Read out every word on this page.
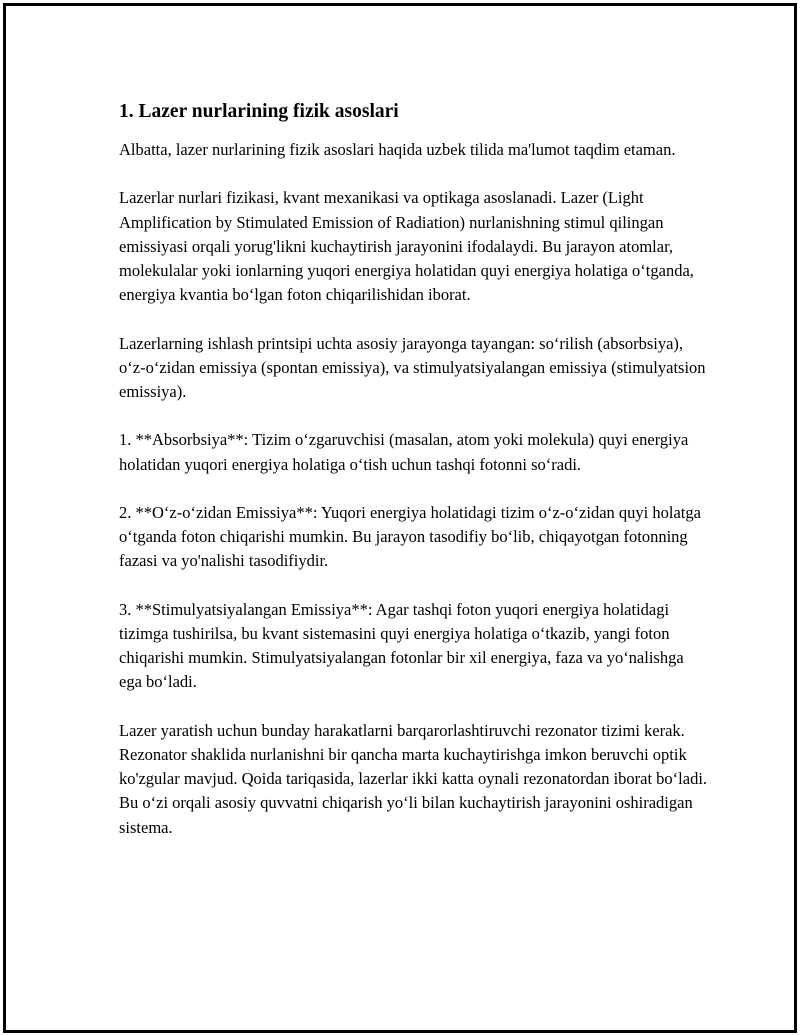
1. Lazer nurlarining fizik asoslari

Albatta, lazer nurlarining fizik asoslari haqida uzbek tilida ma'lumot taqdim etaman.

Lazerlar nurlari fizikasi, kvant mexanikasi va optikaga asoslanadi. Lazer (Light Amplification by Stimulated Emission of Radiation) nurlanishning stimul qilingan emissiyasi orqali yorug'likni kuchaytirish jarayonini ifodalaydi. Bu jarayon atomlar, molekulalar yoki ionlarning yuqori energiya holatidan quyi energiya holatiga o‘tganda, energiya kvantia bo‘lgan foton chiqarilishidan iborat.

Lazerlarning ishlash printsipi uchta asosiy jarayonga tayangan: so‘rilish (absorbsiya), o‘z-o‘zidan emissiya (spontan emissiya), va stimulyatsiyalangan emissiya (stimulyatsion emissiya).

1. **Absorbsiya**: Tizim o‘zgaruvchisi (masalan, atom yoki molekula) quyi energiya holatidan yuqori energiya holatiga o‘tish uchun tashqi fotonni so‘radi.

2. **O‘z-o‘zidan Emissiya**: Yuqori energiya holatidagi tizim o‘z-o‘zidan quyi holatga o‘tganda foton chiqarishi mumkin. Bu jarayon tasodifiy bo‘lib, chiqayotgan fotonning fazasi va yo'nalishi tasodifiydir.

3. **Stimulyatsiyalangan Emissiya**: Agar tashqi foton yuqori energiya holatidagi tizimga tushirilsa, bu kvant sistemasini quyi energiya holatiga o‘tkazib, yangi foton chiqarishi mumkin. Stimulyatsiyalangan fotonlar bir xil energiya, faza va yo‘nalishga ega bo‘ladi.

Lazer yaratish uchun bunday harakatlarni barqarorlashtiruvchi rezonator tizimi kerak. Rezonator shaklida nurlanishni bir qancha marta kuchaytirishga imkon beruvchi optik ko'zgular mavjud. Qoida tariqasida, lazerlar ikki katta oynali rezonatordan iborat bo‘ladi. Bu o‘zi orqali asosiy quvvatni chiqarish yo‘li bilan kuchaytirish jarayonini oshiradigan sistema.
